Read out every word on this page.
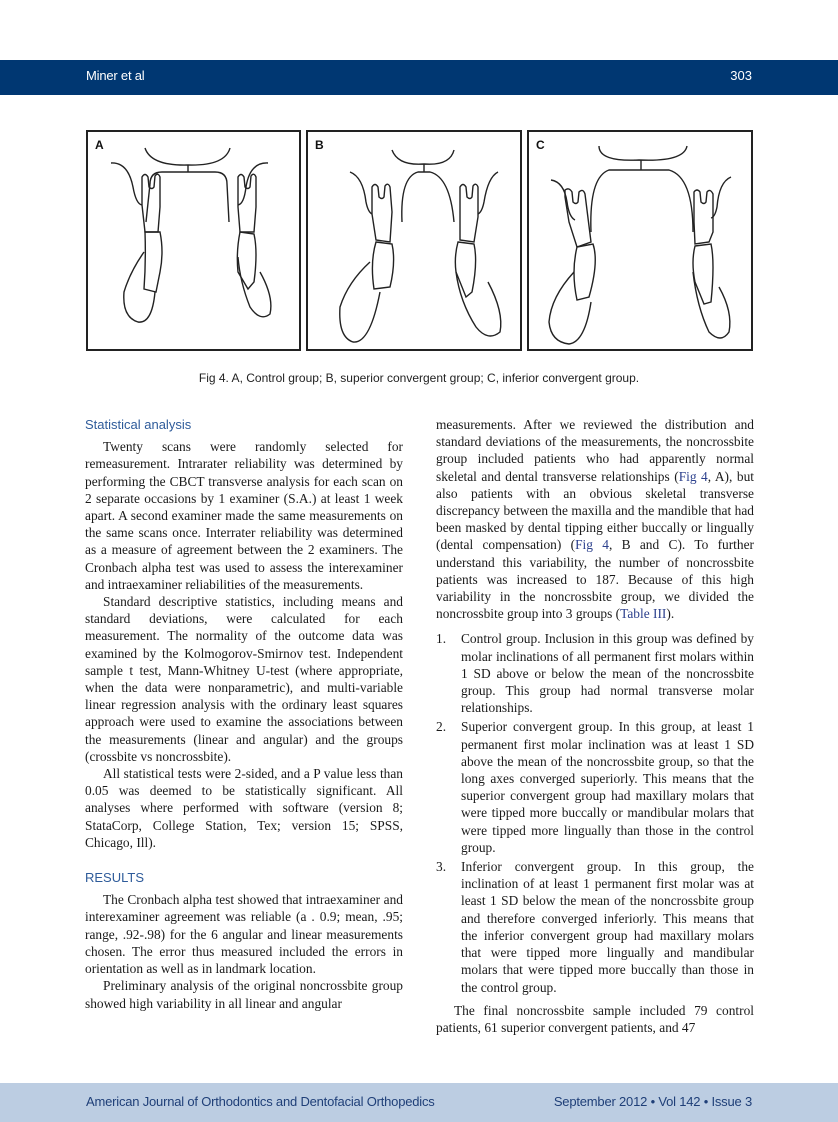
Miner et al	303
A	B	C
Fig 4. A, Control group; B, superior convergent group; C, inferior convergent group.
Statistical analysis

Twenty scans were randomly selected for remeasurement. Intrarater reliability was determined by performing the CBCT transverse analysis for each scan on 2 separate occasions by 1 examiner (S.A.) at least 1 week apart. A second examiner made the same measurements on the same scans once. Interrater reliability was determined as a measure of agreement between the 2 examiners. The Cronbach alpha test was used to assess the interexaminer and intraexaminer reliabilities of the measurements.

Standard descriptive statistics, including means and standard deviations, were calculated for each measurement. The normality of the outcome data was examined by the Kolmogorov-Smirnov test. Independent sample t test, Mann-Whitney U-test (where appropriate, when the data were nonparametric), and multi-variable linear regression analysis with the ordinary least squares approach were used to examine the associations between the measurements (linear and angular) and the groups (crossbite vs noncrossbite).

All statistical tests were 2-sided, and a P value less than 0.05 was deemed to be statistically significant. All analyses where performed with software (version 8; StataCorp, College Station, Tex; version 15; SPSS, Chicago, Ill).

RESULTS

The Cronbach alpha test showed that intraexaminer and interexaminer agreement was reliable (a . 0.9; mean, .95; range, .92-.98) for the 6 angular and linear measurements chosen. The error thus measured included the errors in orientation as well as in landmark location.

Preliminary analysis of the original noncrossbite group showed high variability in all linear and angular

measurements. After we reviewed the distribution and standard deviations of the measurements, the noncrossbite group included patients who had apparently normal skeletal and dental transverse relationships (Fig 4, A), but also patients with an obvious skeletal transverse discrepancy between the maxilla and the mandible that had been masked by dental tipping either buccally or lingually (dental compensation) (Fig 4, B and C). To further understand this variability, the number of noncrossbite patients was increased to 187. Because of this high variability in the noncrossbite group, we divided the noncrossbite group into 3 groups (Table III).

1. Control group. Inclusion in this group was defined by molar inclinations of all permanent first molars within 1 SD above or below the mean of the noncrossbite group. This group had normal transverse molar relationships.
2. Superior convergent group. In this group, at least 1 permanent first molar inclination was at least 1 SD above the mean of the noncrossbite group, so that the long axes converged superiorly. This means that the superior convergent group had maxillary molars that were tipped more buccally or mandibular molars that were tipped more lingually than those in the control group.
3. Inferior convergent group. In this group, the inclination of at least 1 permanent first molar was at least 1 SD below the mean of the noncrossbite group and therefore converged inferiorly. This means that the inferior convergent group had maxillary molars that were tipped more lingually and mandibular molars that were tipped more buccally than those in the control group.

The final noncrossbite sample included 79 control patients, 61 superior convergent patients, and 47

American Journal of Orthodontics and Dentofacial Orthopedics	September 2012 • Vol 142 • Issue 3
